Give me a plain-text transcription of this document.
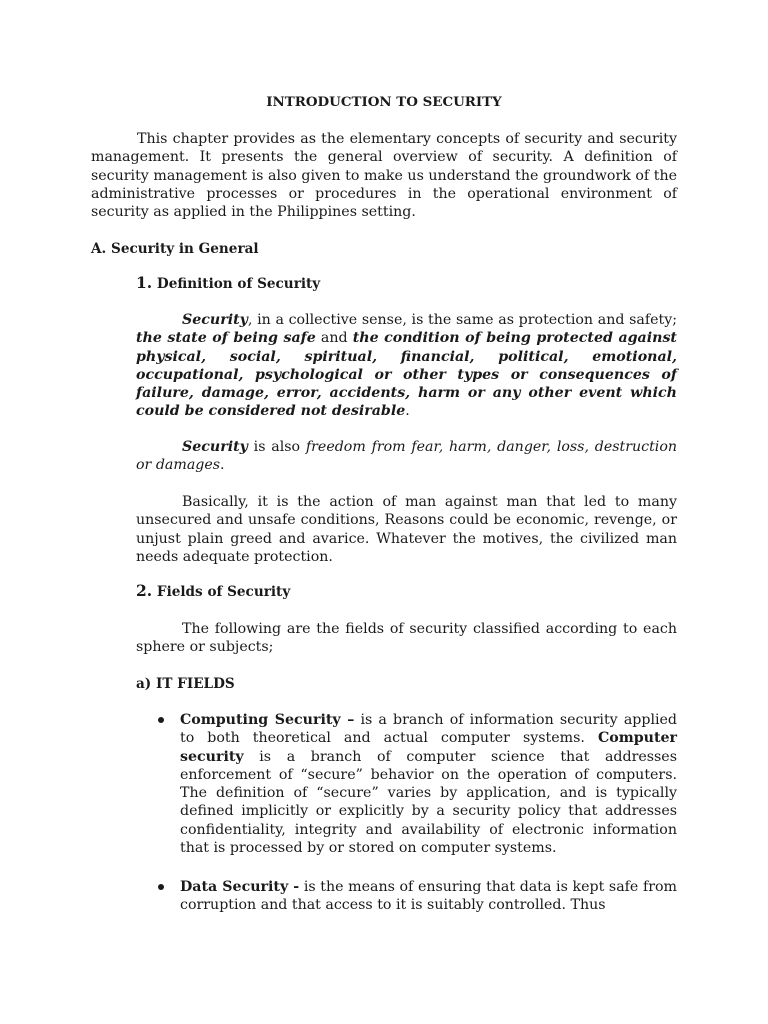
INTRODUCTION TO SECURITY

This chapter provides as the elementary concepts of security and security management. It presents the general overview of security. A definition of security management is also given to make us understand the groundwork of the administrative processes or procedures in the operational environment of security as applied in the Philippines setting.

A. Security in General

1. Definition of Security

Security, in a collective sense, is the same as protection and safety; the state of being safe and the condition of being protected against physical, social, spiritual, financial, political, emotional, occupational, psychological or other types or consequences of failure, damage, error, accidents, harm or any other event which could be considered not desirable.

Security is also freedom from fear, harm, danger, loss, destruction or damages.

Basically, it is the action of man against man that led to many unsecured and unsafe conditions, Reasons could be economic, revenge, or unjust plain greed and avarice. Whatever the motives, the civilized man needs adequate protection.

2. Fields of Security

The following are the fields of security classified according to each sphere or subjects;

a) IT FIELDS

Computing Security – is a branch of information security applied to both theoretical and actual computer systems. Computer security is a branch of computer science that addresses enforcement of “secure” behavior on the operation of computers. The definition of “secure” varies by application, and is typically defined implicitly or explicitly by a security policy that addresses confidentiality, integrity and availability of electronic information that is processed by or stored on computer systems.

Data Security - is the means of ensuring that data is kept safe from corruption and that access to it is suitably controlled. Thus
